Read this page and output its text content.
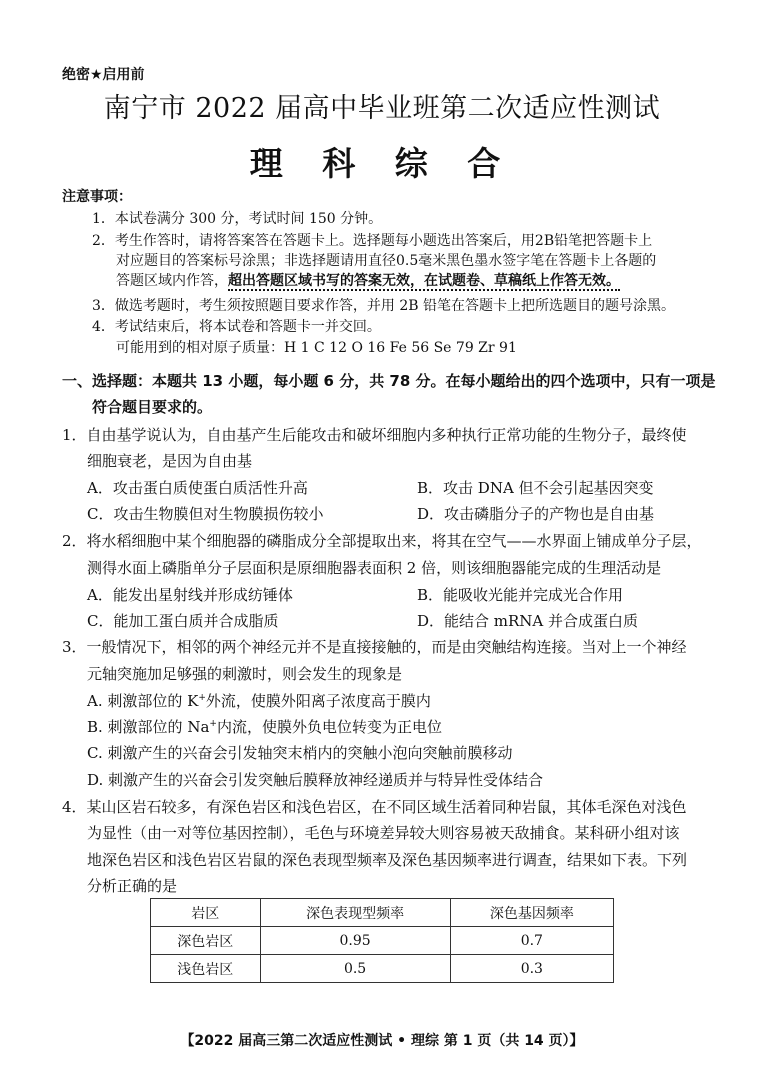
绝密★启用前
南宁市 2022 届高中毕业班第二次适应性测试
理 科 综 合
注意事项：
1．本试卷满分 300 分，考试时间 150 分钟。
2．考生作答时，请将答案答在答题卡上。选择题每小题选出答案后，用2B铅笔把答题卡上
对应题目的答案标号涂黑；非选择题请用直径0.5毫米黑色墨水签字笔在答题卡上各题的
答题区域内作答，超出答题区域书写的答案无效，在试题卷、草稿纸上作答无效。
3．做选考题时，考生须按照题目要求作答，并用 2B 铅笔在答题卡上把所选题目的题号涂黑。
4．考试结束后，将本试卷和答题卡一并交回。
可能用到的相对原子质量：H 1 C 12 O 16 Fe 56 Se 79 Zr 91
一、选择题：本题共 13 小题，每小题 6 分，共 78 分。在每小题给出的四个选项中，只有一项是
符合题目要求的。
1．自由基学说认为，自由基产生后能攻击和破坏细胞内多种执行正常功能的生物分子，最终使
细胞衰老，是因为自由基
A．攻击蛋白质使蛋白质活性升高	B．攻击 DNA 但不会引起基因突变
C．攻击生物膜但对生物膜损伤较小	D．攻击磷脂分子的产物也是自由基
2．将水稻细胞中某个细胞器的磷脂成分全部提取出来，将其在空气——水界面上铺成单分子层，
测得水面上磷脂单分子层面积是原细胞器表面积 2 倍，则该细胞器能完成的生理活动是
A．能发出星射线并形成纺锤体	B．能吸收光能并完成光合作用
C．能加工蛋白质并合成脂质	D．能结合 mRNA 并合成蛋白质
3．一般情况下，相邻的两个神经元并不是直接接触的，而是由突触结构连接。当对上一个神经
元轴突施加足够强的刺激时，则会发生的现象是
A. 刺激部位的 K+外流，使膜外阳离子浓度高于膜内
B. 刺激部位的 Na+内流，使膜外负电位转变为正电位
C. 刺激产生的兴奋会引发轴突末梢内的突触小泡向突触前膜移动
D. 刺激产生的兴奋会引发突触后膜释放神经递质并与特异性受体结合
4．某山区岩石较多，有深色岩区和浅色岩区，在不同区域生活着同种岩鼠，其体毛深色对浅色
为显性（由一对等位基因控制），毛色与环境差异较大则容易被天敌捕食。某科研小组对该
地深色岩区和浅色岩区岩鼠的深色表现型频率及深色基因频率进行调查，结果如下表。下列
分析正确的是
岩区	深色表现型频率	深色基因频率
深色岩区	0.95	0.7
浅色岩区	0.5	0.3
【2022 届高三第二次适应性测试 • 理综 第 1 页（共 14 页）】
